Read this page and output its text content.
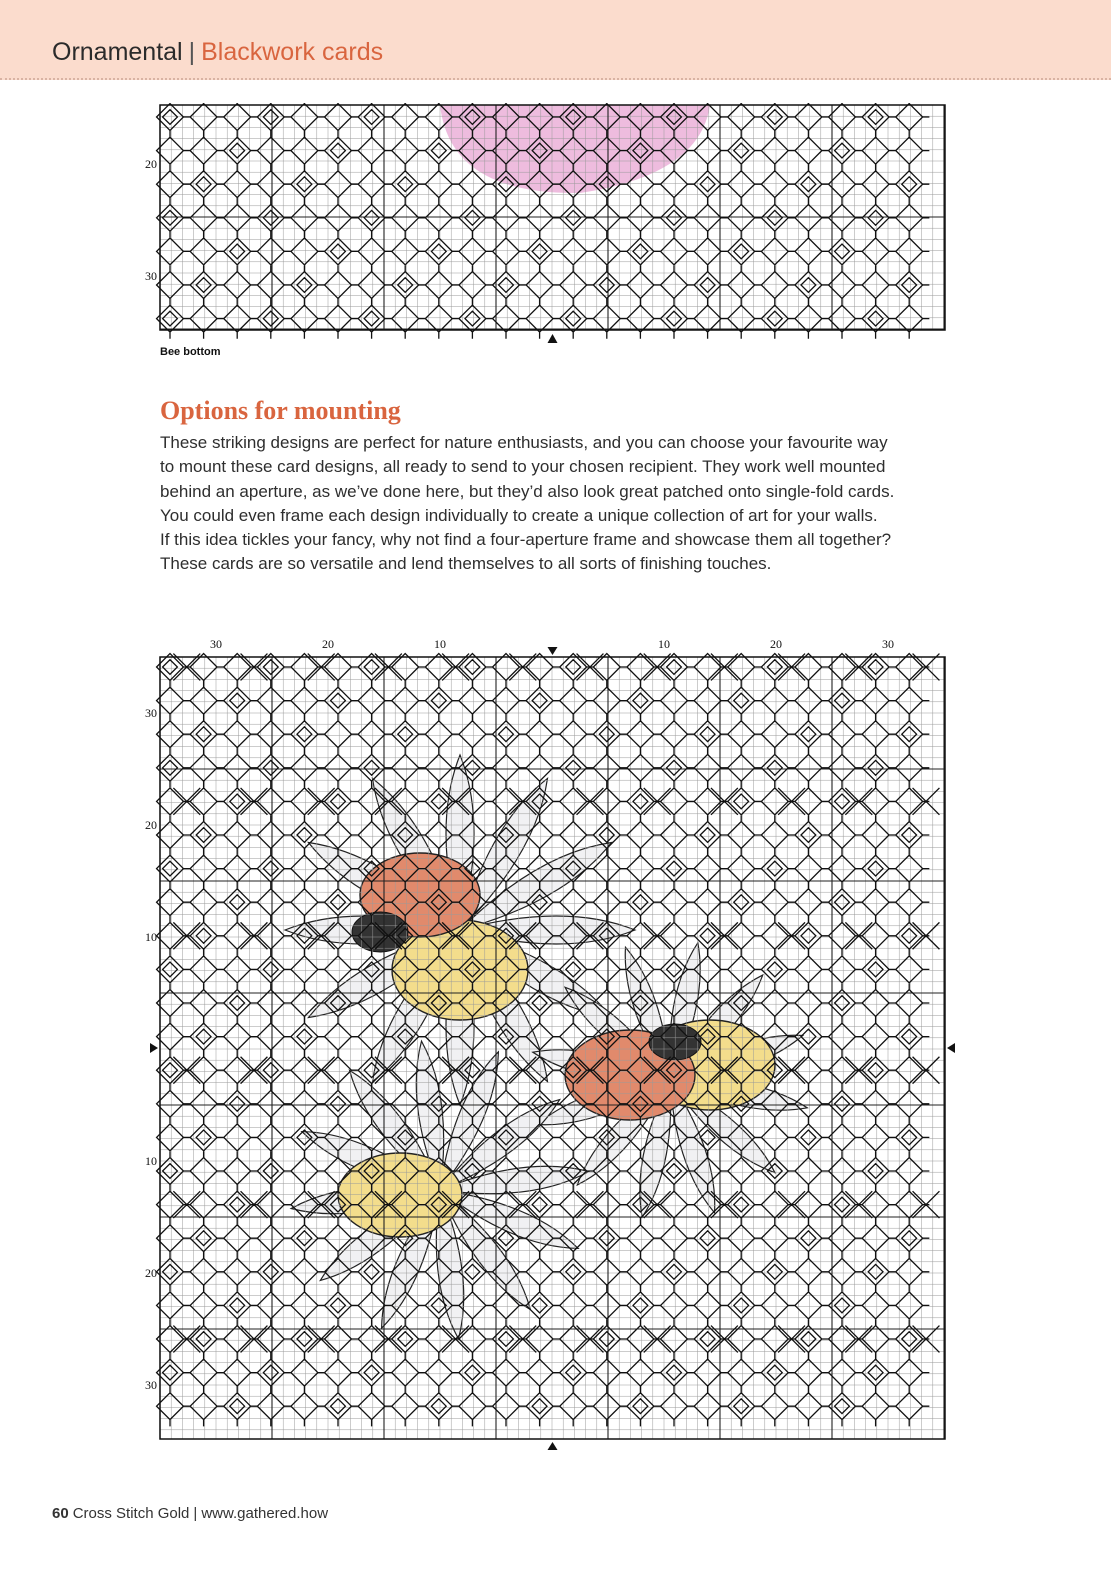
Ornamental | Blackwork cards
20
30
Bee bottom
Options for mounting
These striking designs are perfect for nature enthusiasts, and you can choose your favourite way
to mount these card designs, all ready to send to your chosen recipient. They work well mounted
behind an aperture, as we’ve done here, but they’d also look great patched onto single-fold cards.
You could even frame each design individually to create a unique collection of art for your walls.
If this idea tickles your fancy, why not find a four-aperture frame and showcase them all together?
These cards are so versatile and lend themselves to all sorts of finishing touches.
30	20	10	10	20	30
30
20
10
10
20
30
60 Cross Stitch Gold | www.gathered.how
